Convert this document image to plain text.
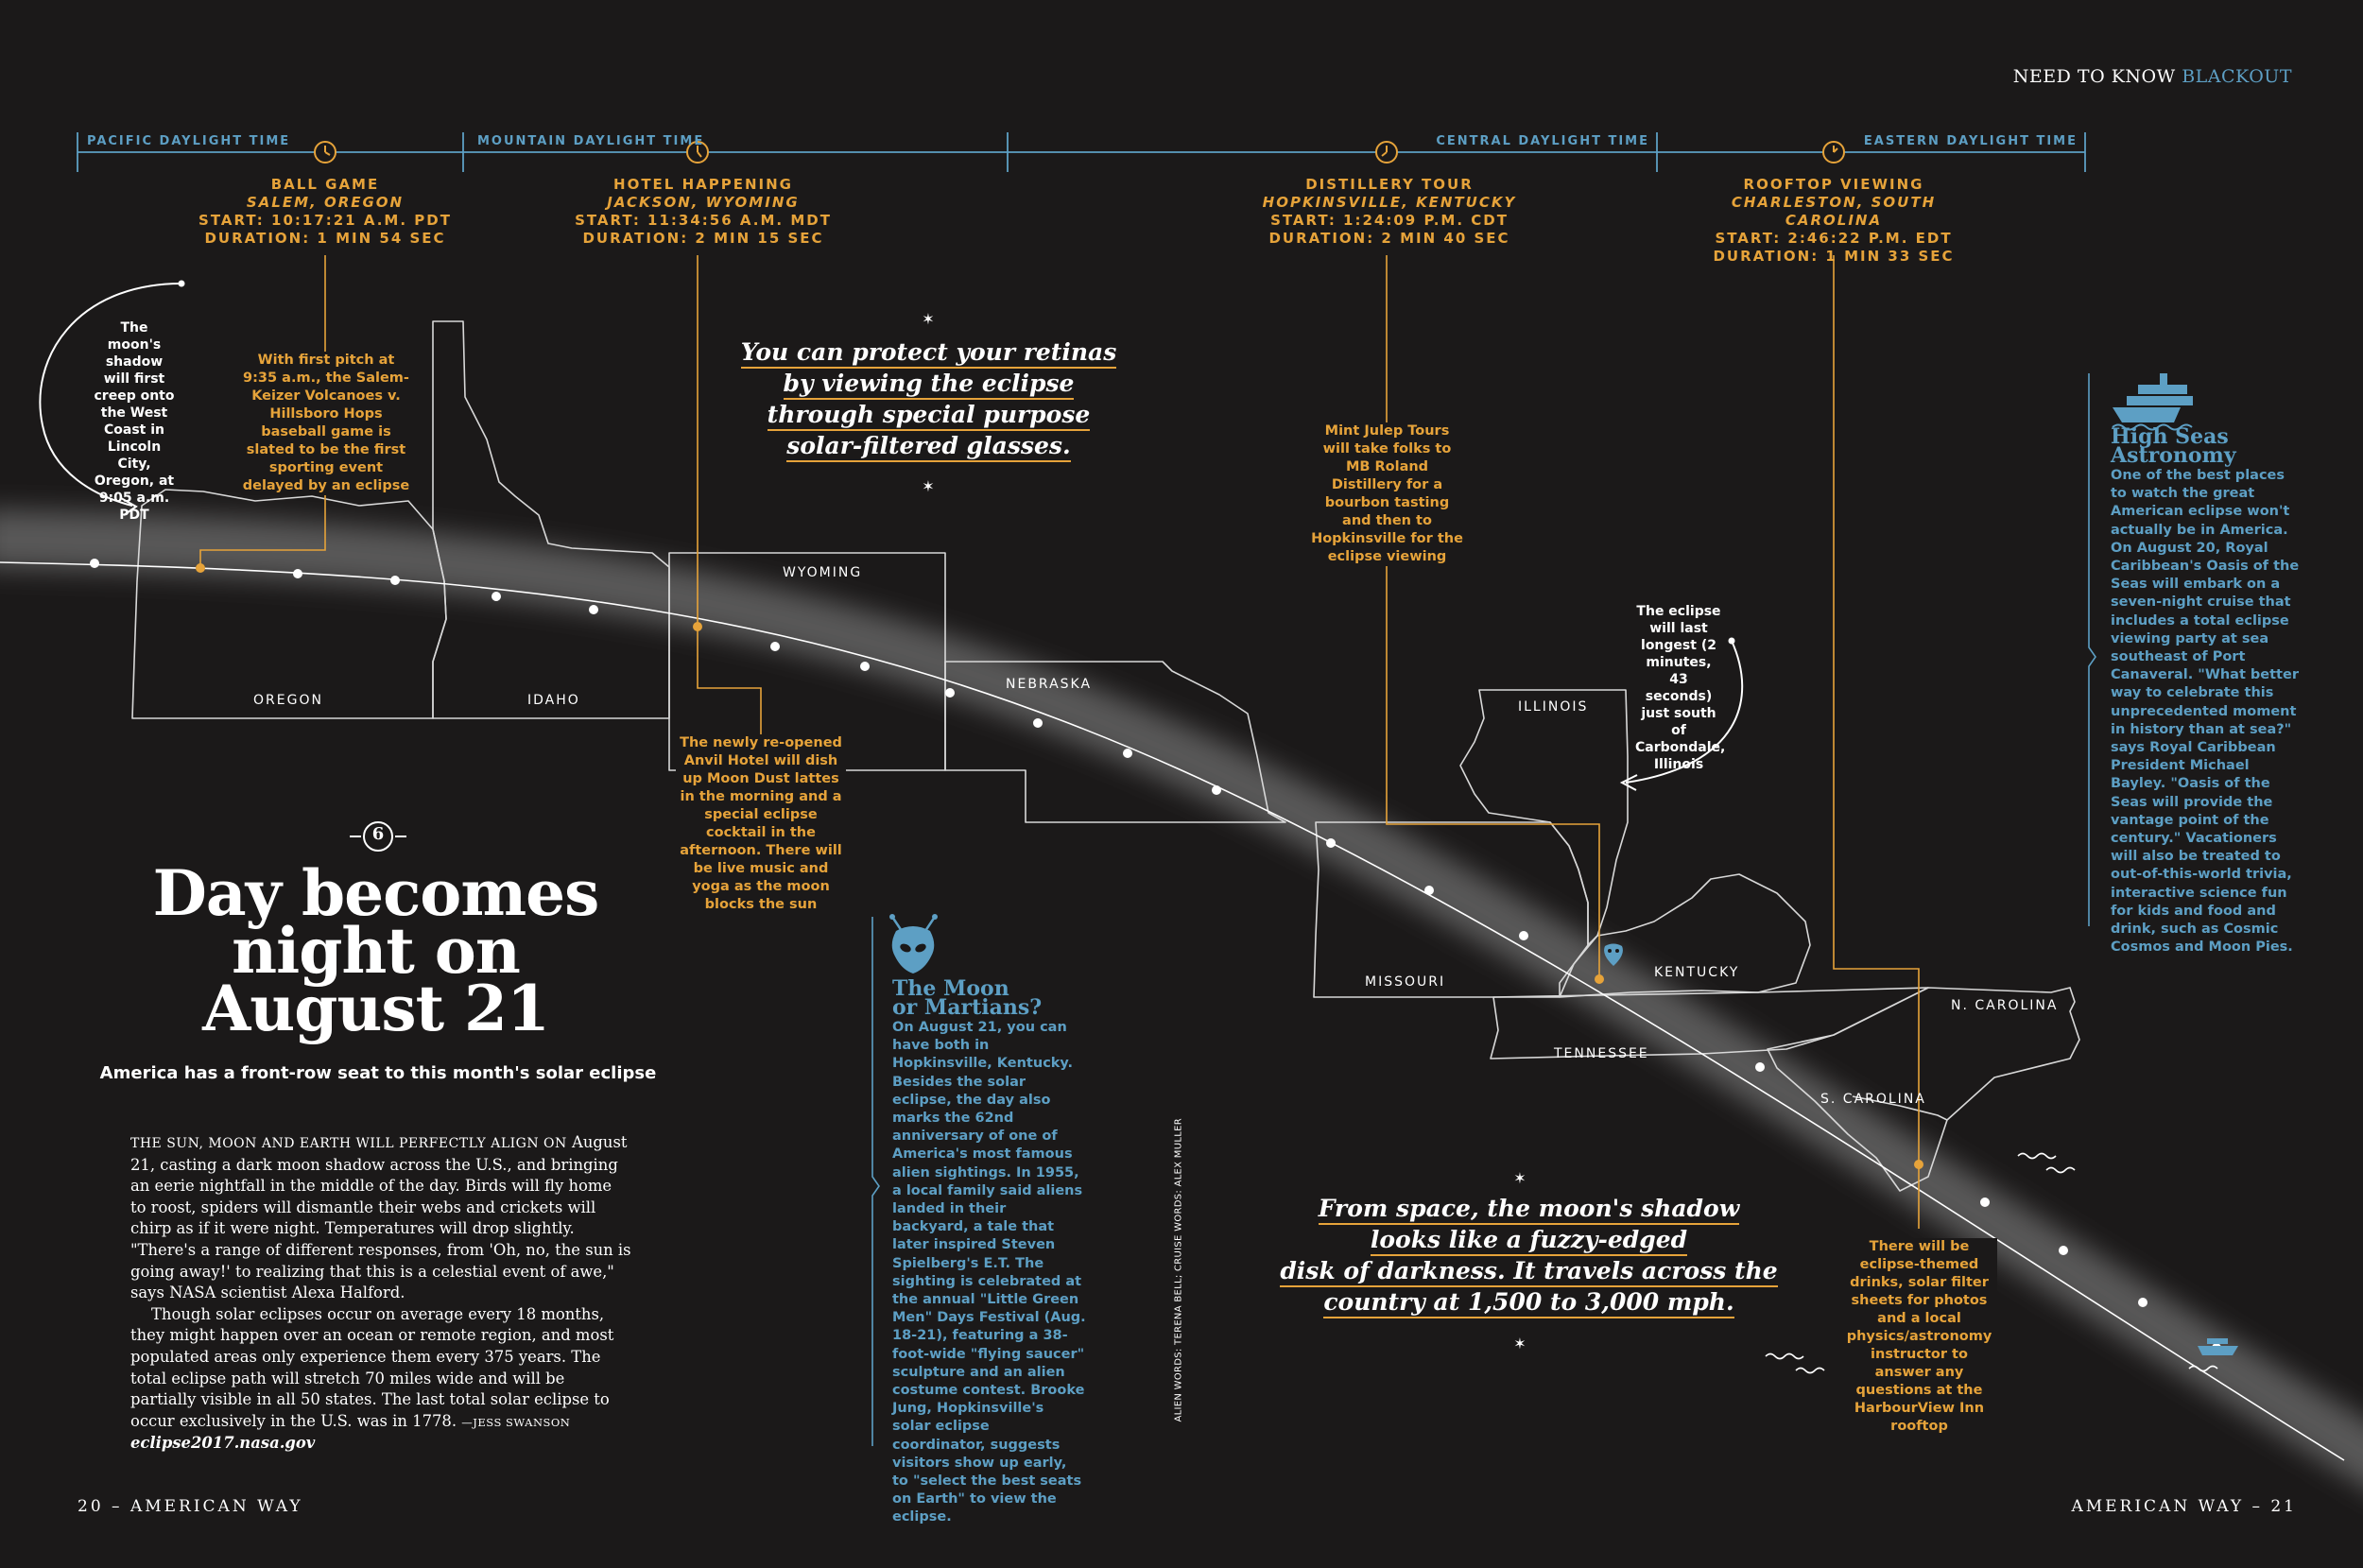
✶
✶
✶
✶
NEED TO KNOW BLACKOUT
PACIFIC DAYLIGHT TIME	MOUNTAIN DAYLIGHT TIME	CENTRAL DAYLIGHT TIME	EASTERN DAYLIGHT TIME
BALL GAME
SALEM, OREGON
START: 10:17:21 A.M. PDT
DURATION: 1 MIN 54 SEC
HOTEL HAPPENING
JACKSON, WYOMING
START: 11:34:56 A.M. MDT
DURATION: 2 MIN 15 SEC
DISTILLERY TOUR
HOPKINSVILLE, KENTUCKY
START: 1:24:09 P.M. CDT
DURATION: 2 MIN 40 SEC
ROOFTOP VIEWING
CHARLESTON, SOUTH CAROLINA
START: 2:46:22 P.M. EDT
DURATION: 1 MIN 33 SEC
With first pitch at 9:35 a.m., the Salem-Keizer Volcanoes v. Hillsboro Hops baseball game is slated to be the first sporting event delayed by an eclipse
The newly re-opened Anvil Hotel will dish up Moon Dust lattes in the morning and a special eclipse cocktail in the afternoon. There will be live music and yoga as the moon blocks the sun
Mint Julep Tours will take folks to MB Roland Distillery for a bourbon tasting and then to Hopkinsville for the eclipse viewing
There will be eclipse-themed drinks, solar filter sheets for photos and a local physics/astronomy instructor to answer any questions at the HarbourView Inn rooftop
The moon's shadow will first creep onto the West Coast in Lincoln City, Oregon, at 9:05 a.m. PDT
The eclipse will last longest (2 minutes, 43 seconds) just south of Carbondale, Illinois
OREGON	IDAHO
WYOMING
NEBRASKA
ILLINOIS
MISSOURI
KENTUCKY
TENNESSEE
N. CAROLINA
S. CAROLINA
You can protect your retinas
by viewing the eclipse
through special purpose
solar-filtered glasses.
From space, the moon's shadow
looks like a fuzzy-edged
disk of darkness. It travels across the
country at 1,500 to 3,000 mph.
The Moon
or Martians?
On August 21, you can have both in Hopkinsville, Kentucky. Besides the solar eclipse, the day also marks the 62nd anniversary of one of America's most famous alien sightings. In 1955, a local family said aliens landed in their backyard, a tale that later inspired Steven Spielberg's E.T. The sighting is celebrated at the annual "Little Green Men" Days Festival (Aug. 18-21), featuring a 38-foot-wide "flying saucer" sculpture and an alien costume contest. Brooke Jung, Hopkinsville's solar eclipse coordinator, suggests visitors show up early, to "select the best seats on Earth" to view the eclipse.
High Seas
Astronomy
One of the best places to watch the great American eclipse won't actually be in America. On August 20, Royal Caribbean's Oasis of the Seas will embark on a seven-night cruise that includes a total eclipse viewing party at sea southeast of Port Canaveral. "What better way to celebrate this unprecedented moment in history than at sea?" says Royal Caribbean President Michael Bayley. "Oasis of the Seas will provide the vantage point of the century." Vacationers will also be treated to out-of-this-world trivia, interactive science fun for kids and food and drink, such as Cosmic Cosmos and Moon Pies.
6
Day becomes
night on
August 21
America has a front-row seat to this month's solar eclipse

THE SUN, MOON AND EARTH WILL PERFECTLY ALIGN ON August 21, casting a dark moon shadow across the U.S., and bringing an eerie nightfall in the middle of the day. Birds will fly home to roost, spiders will dismantle their webs and crickets will chirp as if it were night. Temperatures will drop slightly. "There's a range of different responses, from 'Oh, no, the sun is going away!' to realizing that this is a celestial event of awe," says NASA scientist Alexa Halford.

Though solar eclipses occur on average every 18 months, they might happen over an ocean or remote region, and most populated areas only experience them every 375 years. The total eclipse path will stretch 70 miles wide and will be partially visible in all 50 states. The last total solar eclipse to occur exclusively in the U.S. was in 1778. —JESS SWANSON

eclipse2017.nasa.gov
ALIEN WORDS: TERENA BELL; CRUISE WORDS: ALEX MULLER
20 – AMERICAN WAY	AMERICAN WAY – 21
